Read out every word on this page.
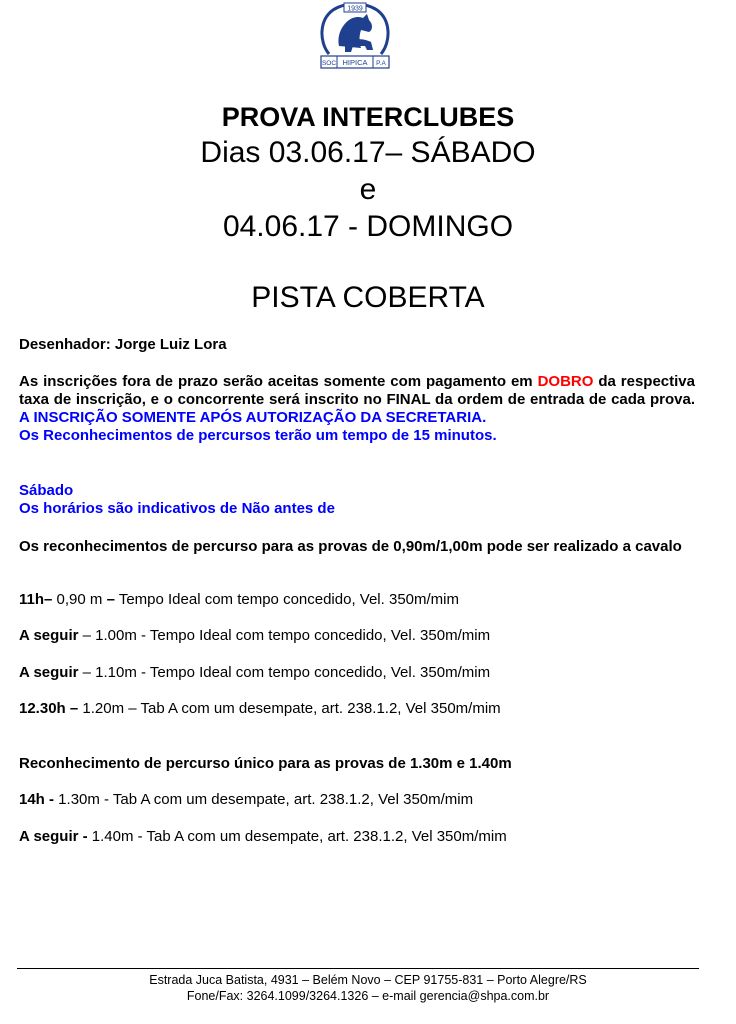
1939
SOC HIPICA P.A
PROVA INTERCLUBES
Dias 03.06.17– SÁBADO
e
04.06.17 - DOMINGO
PISTA COBERTA
Desenhador: Jorge Luiz Lora
As inscrições fora de prazo serão aceitas somente com pagamento em DOBRO da respectiva taxa de inscrição, e o concorrente será inscrito no FINAL da ordem de entrada de cada prova. A INSCRIÇÃO SOMENTE APÓS AUTORIZAÇÃO DA SECRETARIA.
Os Reconhecimentos de percursos terão um tempo de 15 minutos.
Sábado
Os horários são indicativos de Não antes de
Os reconhecimentos de percurso para as provas de 0,90m/1,00m pode ser realizado a cavalo
11h– 0,90 m – Tempo Ideal com tempo concedido, Vel. 350m/mim
A seguir – 1.00m - Tempo Ideal com tempo concedido, Vel. 350m/mim
A seguir – 1.10m - Tempo Ideal com tempo concedido, Vel. 350m/mim
12.30h – 1.20m – Tab A com um desempate, art. 238.1.2, Vel 350m/mim
Reconhecimento de percurso único para as provas de 1.30m e 1.40m
14h - 1.30m - Tab A com um desempate, art. 238.1.2, Vel 350m/mim
A seguir - 1.40m - Tab A com um desempate, art. 238.1.2, Vel 350m/mim
Estrada Juca Batista, 4931 – Belém Novo – CEP 91755-831 – Porto Alegre/RS
Fone/Fax: 3264.1099/3264.1326 – e-mail gerencia@shpa.com.br
